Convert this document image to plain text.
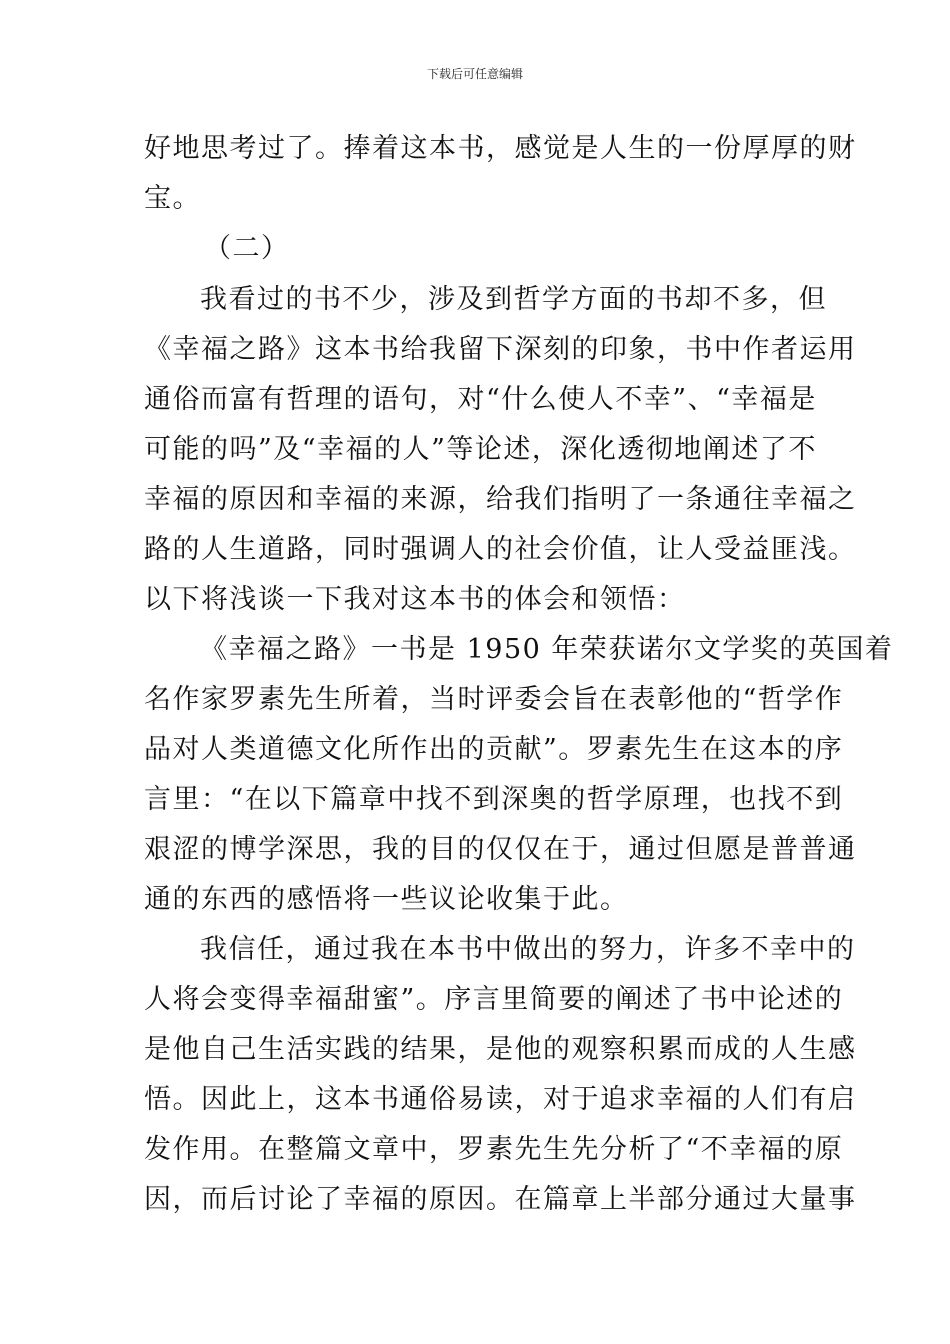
下载后可任意编辑
好地思考过了。捧着这本书，感觉是人生的一份厚厚的财
宝。
（二）
我看过的书不少，涉及到哲学方面的书却不多，但
《幸福之路》这本书给我留下深刻的印象，书中作者运用
通俗而富有哲理的语句，对“什么使人不幸”、“幸福是
可能的吗”及“幸福的人”等论述，深化透彻地阐述了不
幸福的原因和幸福的来源，给我们指明了一条通往幸福之
路的人生道路，同时强调人的社会价值，让人受益匪浅。
以下将浅谈一下我对这本书的体会和领悟：
《幸福之路》一书是 1950 年荣获诺尔文学奖的英国着
名作家罗素先生所着，当时评委会旨在表彰他的“哲学作
品对人类道德文化所作出的贡献”。罗素先生在这本的序
言里：“在以下篇章中找不到深奥的哲学原理，也找不到
艰涩的博学深思，我的目的仅仅在于，通过但愿是普普通
通的东西的感悟将一些议论收集于此。
我信任，通过我在本书中做出的努力，许多不幸中的
人将会变得幸福甜蜜”。序言里简要的阐述了书中论述的
是他自己生活实践的结果，是他的观察积累而成的人生感
悟。因此上，这本书通俗易读，对于追求幸福的人们有启
发作用。在整篇文章中，罗素先生先分析了“不幸福的原
因，而后讨论了幸福的原因。在篇章上半部分通过大量事
